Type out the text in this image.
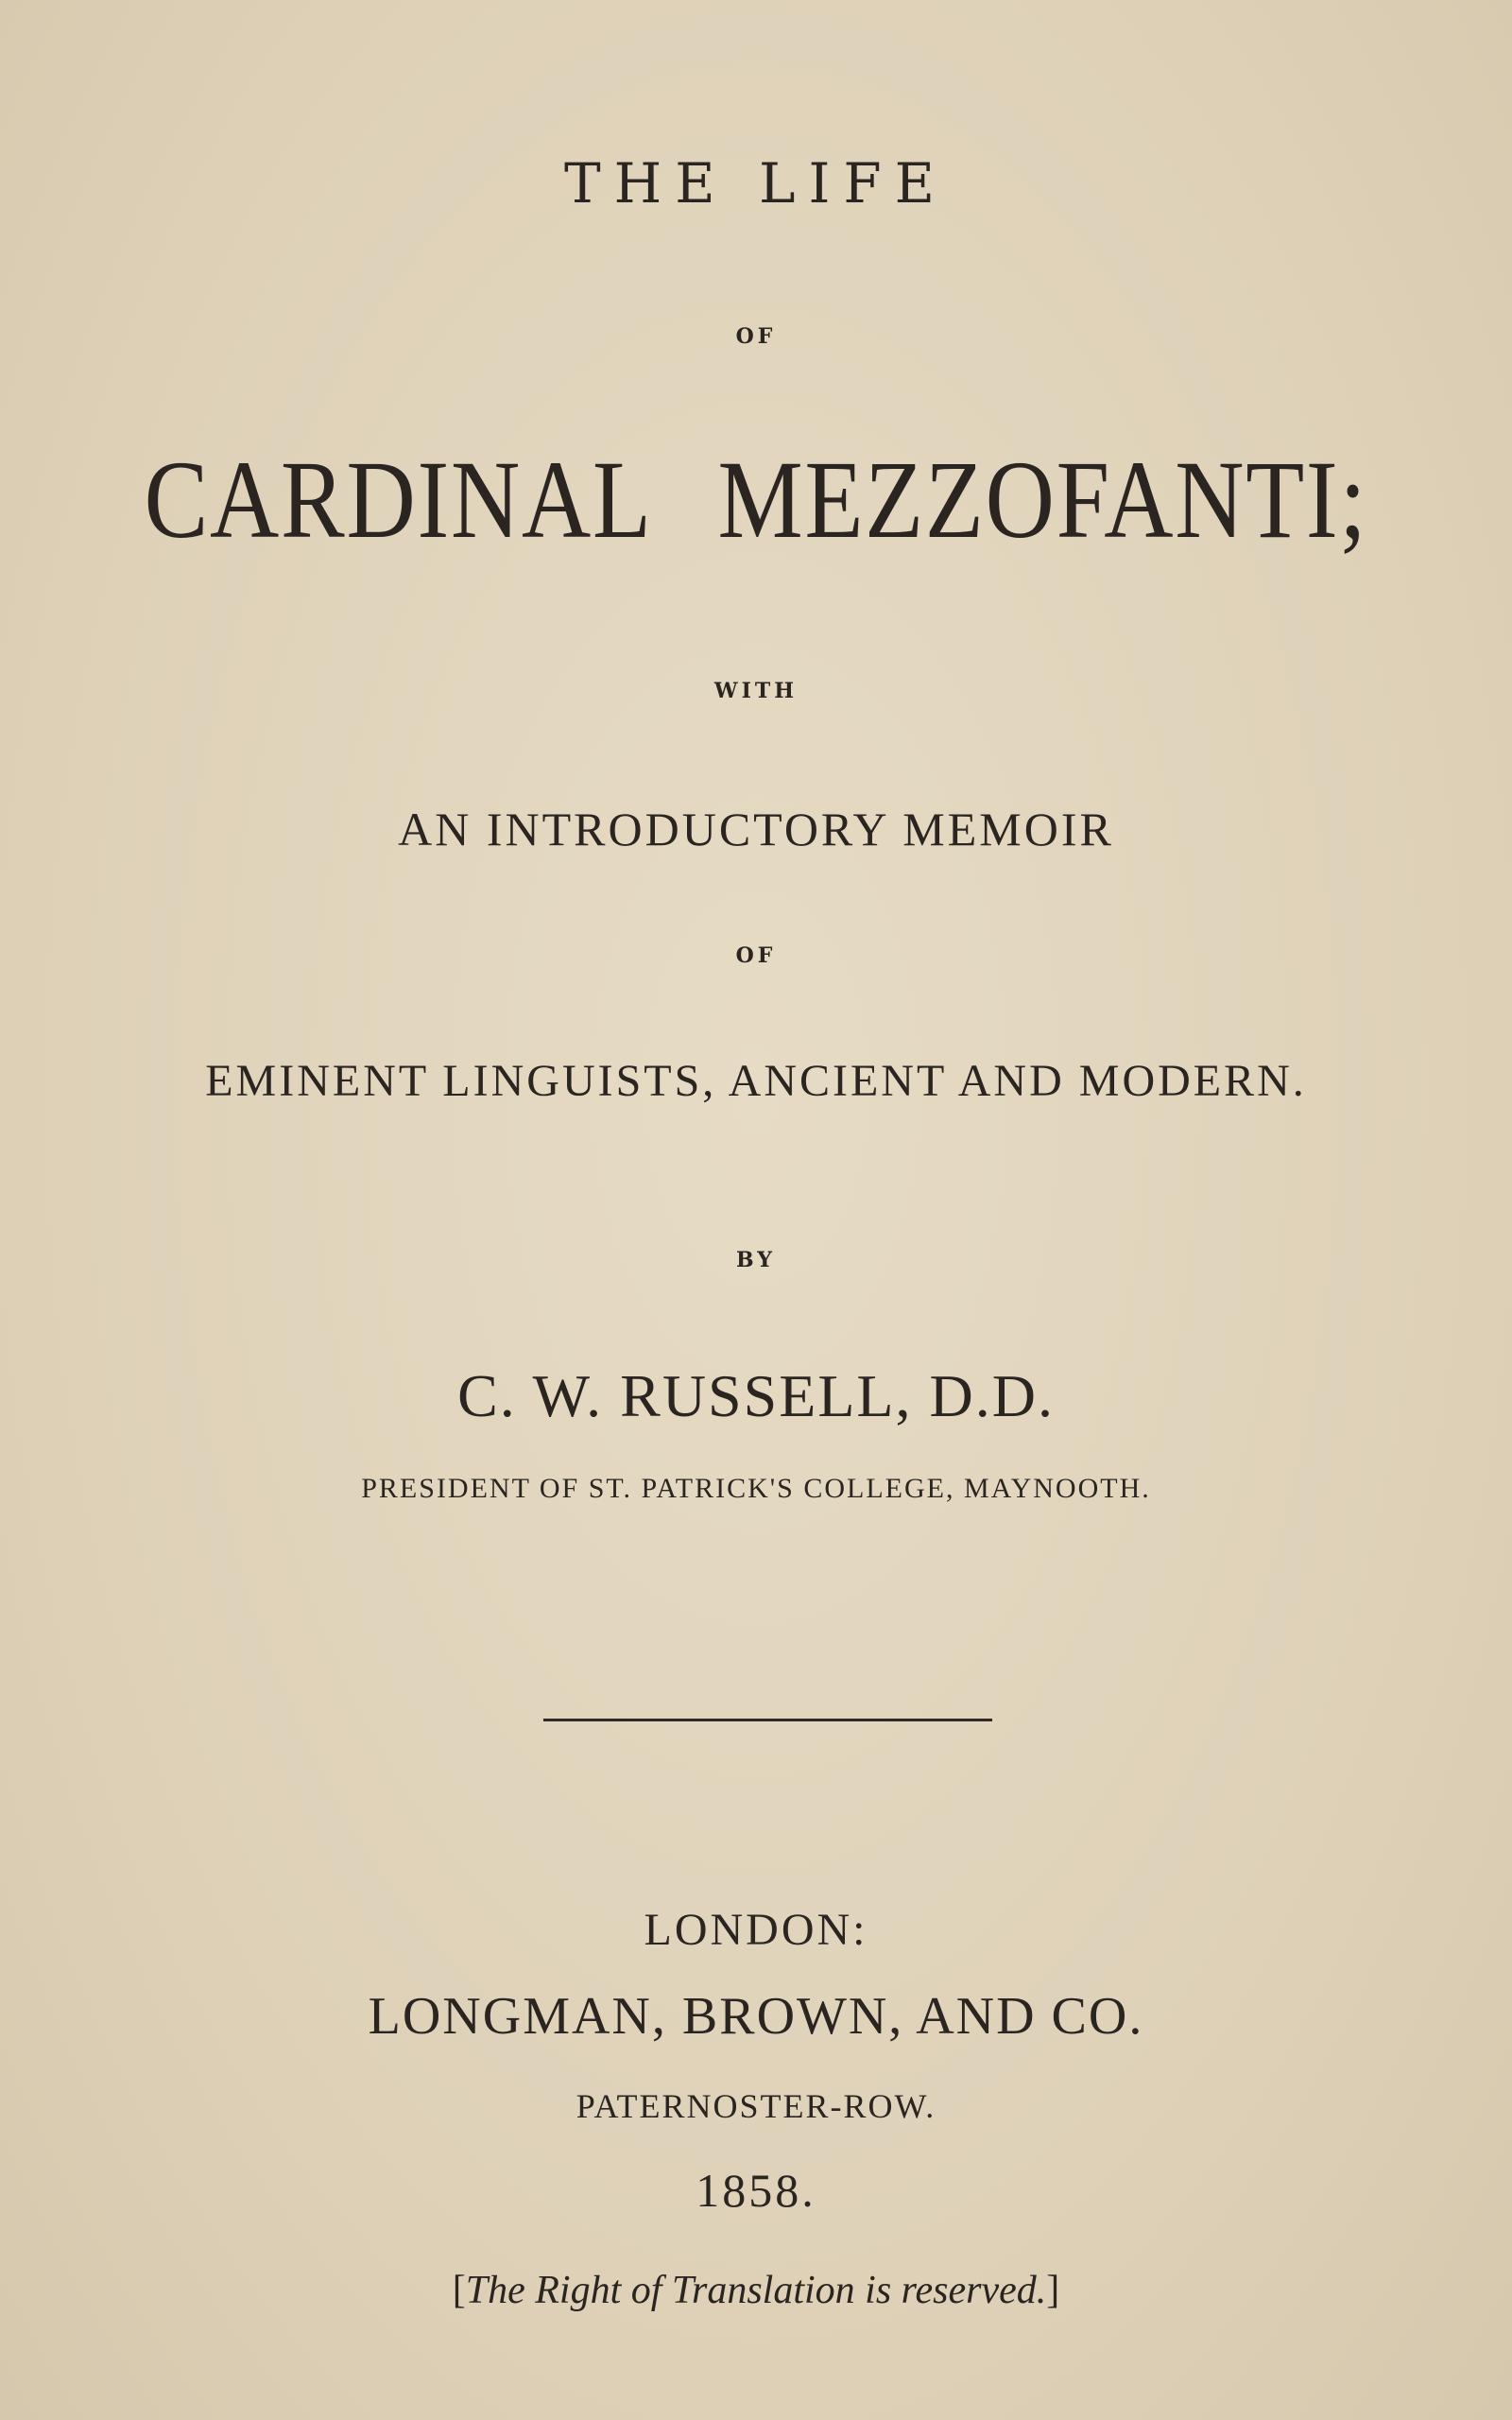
THE LIFE
OF
CARDINAL MEZZOFANTI;
WITH
AN INTRODUCTORY MEMOIR
OF
EMINENT LINGUISTS, ANCIENT AND MODERN.
BY
C. W. RUSSELL, D.D.
PRESIDENT OF ST. PATRICK'S COLLEGE, MAYNOOTH.
LONDON:
LONGMAN, BROWN, AND CO.
PATERNOSTER-ROW.
1858.
[The Right of Translation is reserved.]
